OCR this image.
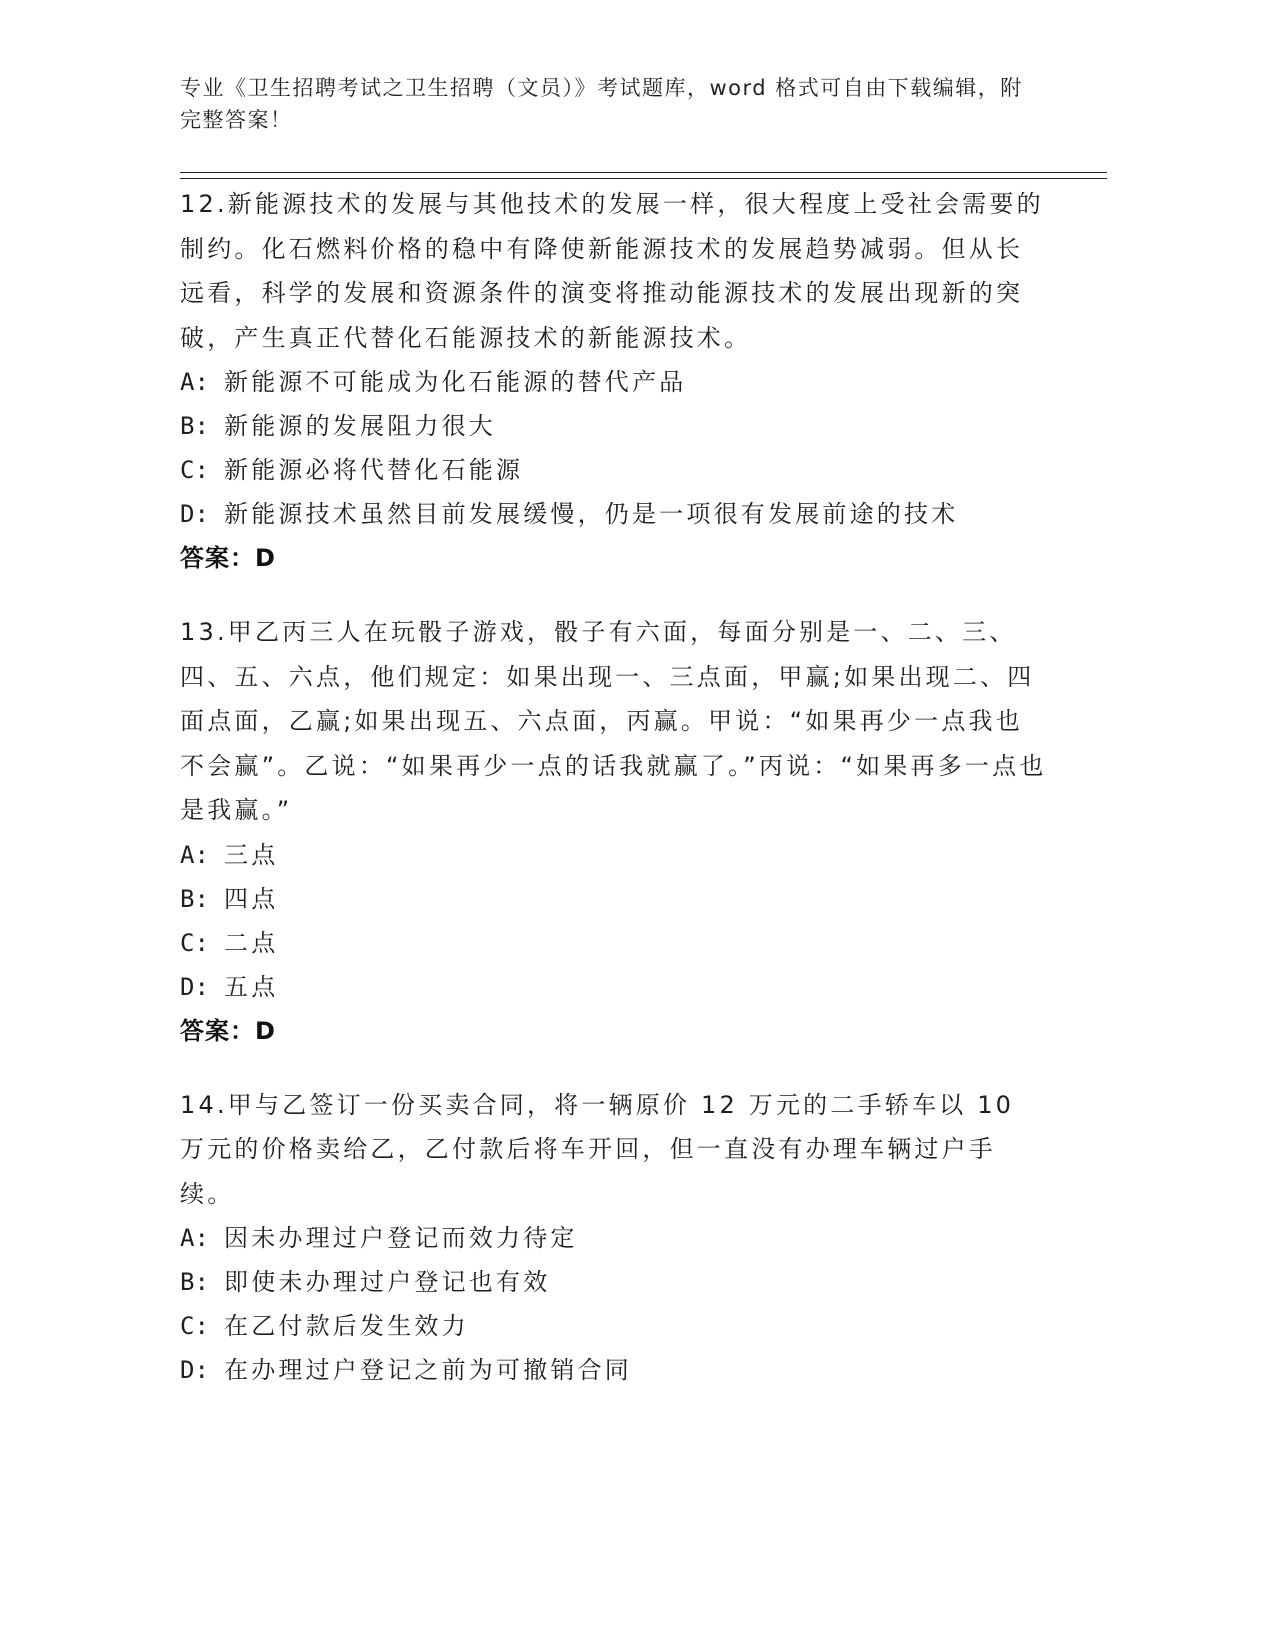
专业《卫生招聘考试之卫生招聘（文员）》考试题库，word 格式可自由下载编辑，附完整答案！

12.新能源技术的发展与其他技术的发展一样，很大程度上受社会需要的制约。化石燃料价格的稳中有降使新能源技术的发展趋势减弱。但从长远看，科学的发展和资源条件的演变将推动能源技术的发展出现新的突破，产生真正代替化石能源技术的新能源技术。

A: 新能源不可能成为化石能源的替代产品
B: 新能源的发展阻力很大
C: 新能源必将代替化石能源
D: 新能源技术虽然目前发展缓慢，仍是一项很有发展前途的技术
答案：D

13.甲乙丙三人在玩骰子游戏，骰子有六面，每面分别是一、二、三、四、五、六点，他们规定：如果出现一、三点面，甲赢;如果出现二、四面点面，乙赢;如果出现五、六点面，丙赢。甲说：“如果再少一点我也不会赢”。乙说：“如果再少一点的话我就赢了。”丙说：“如果再多一点也是我赢。”

A: 三点
B: 四点
C: 二点
D: 五点
答案：D

14.甲与乙签订一份买卖合同，将一辆原价 12 万元的二手轿车以 10 万元的价格卖给乙，乙付款后将车开回，但一直没有办理车辆过户手续。

A: 因未办理过户登记而效力待定
B: 即使未办理过户登记也有效
C: 在乙付款后发生效力
D: 在办理过户登记之前为可撤销合同
